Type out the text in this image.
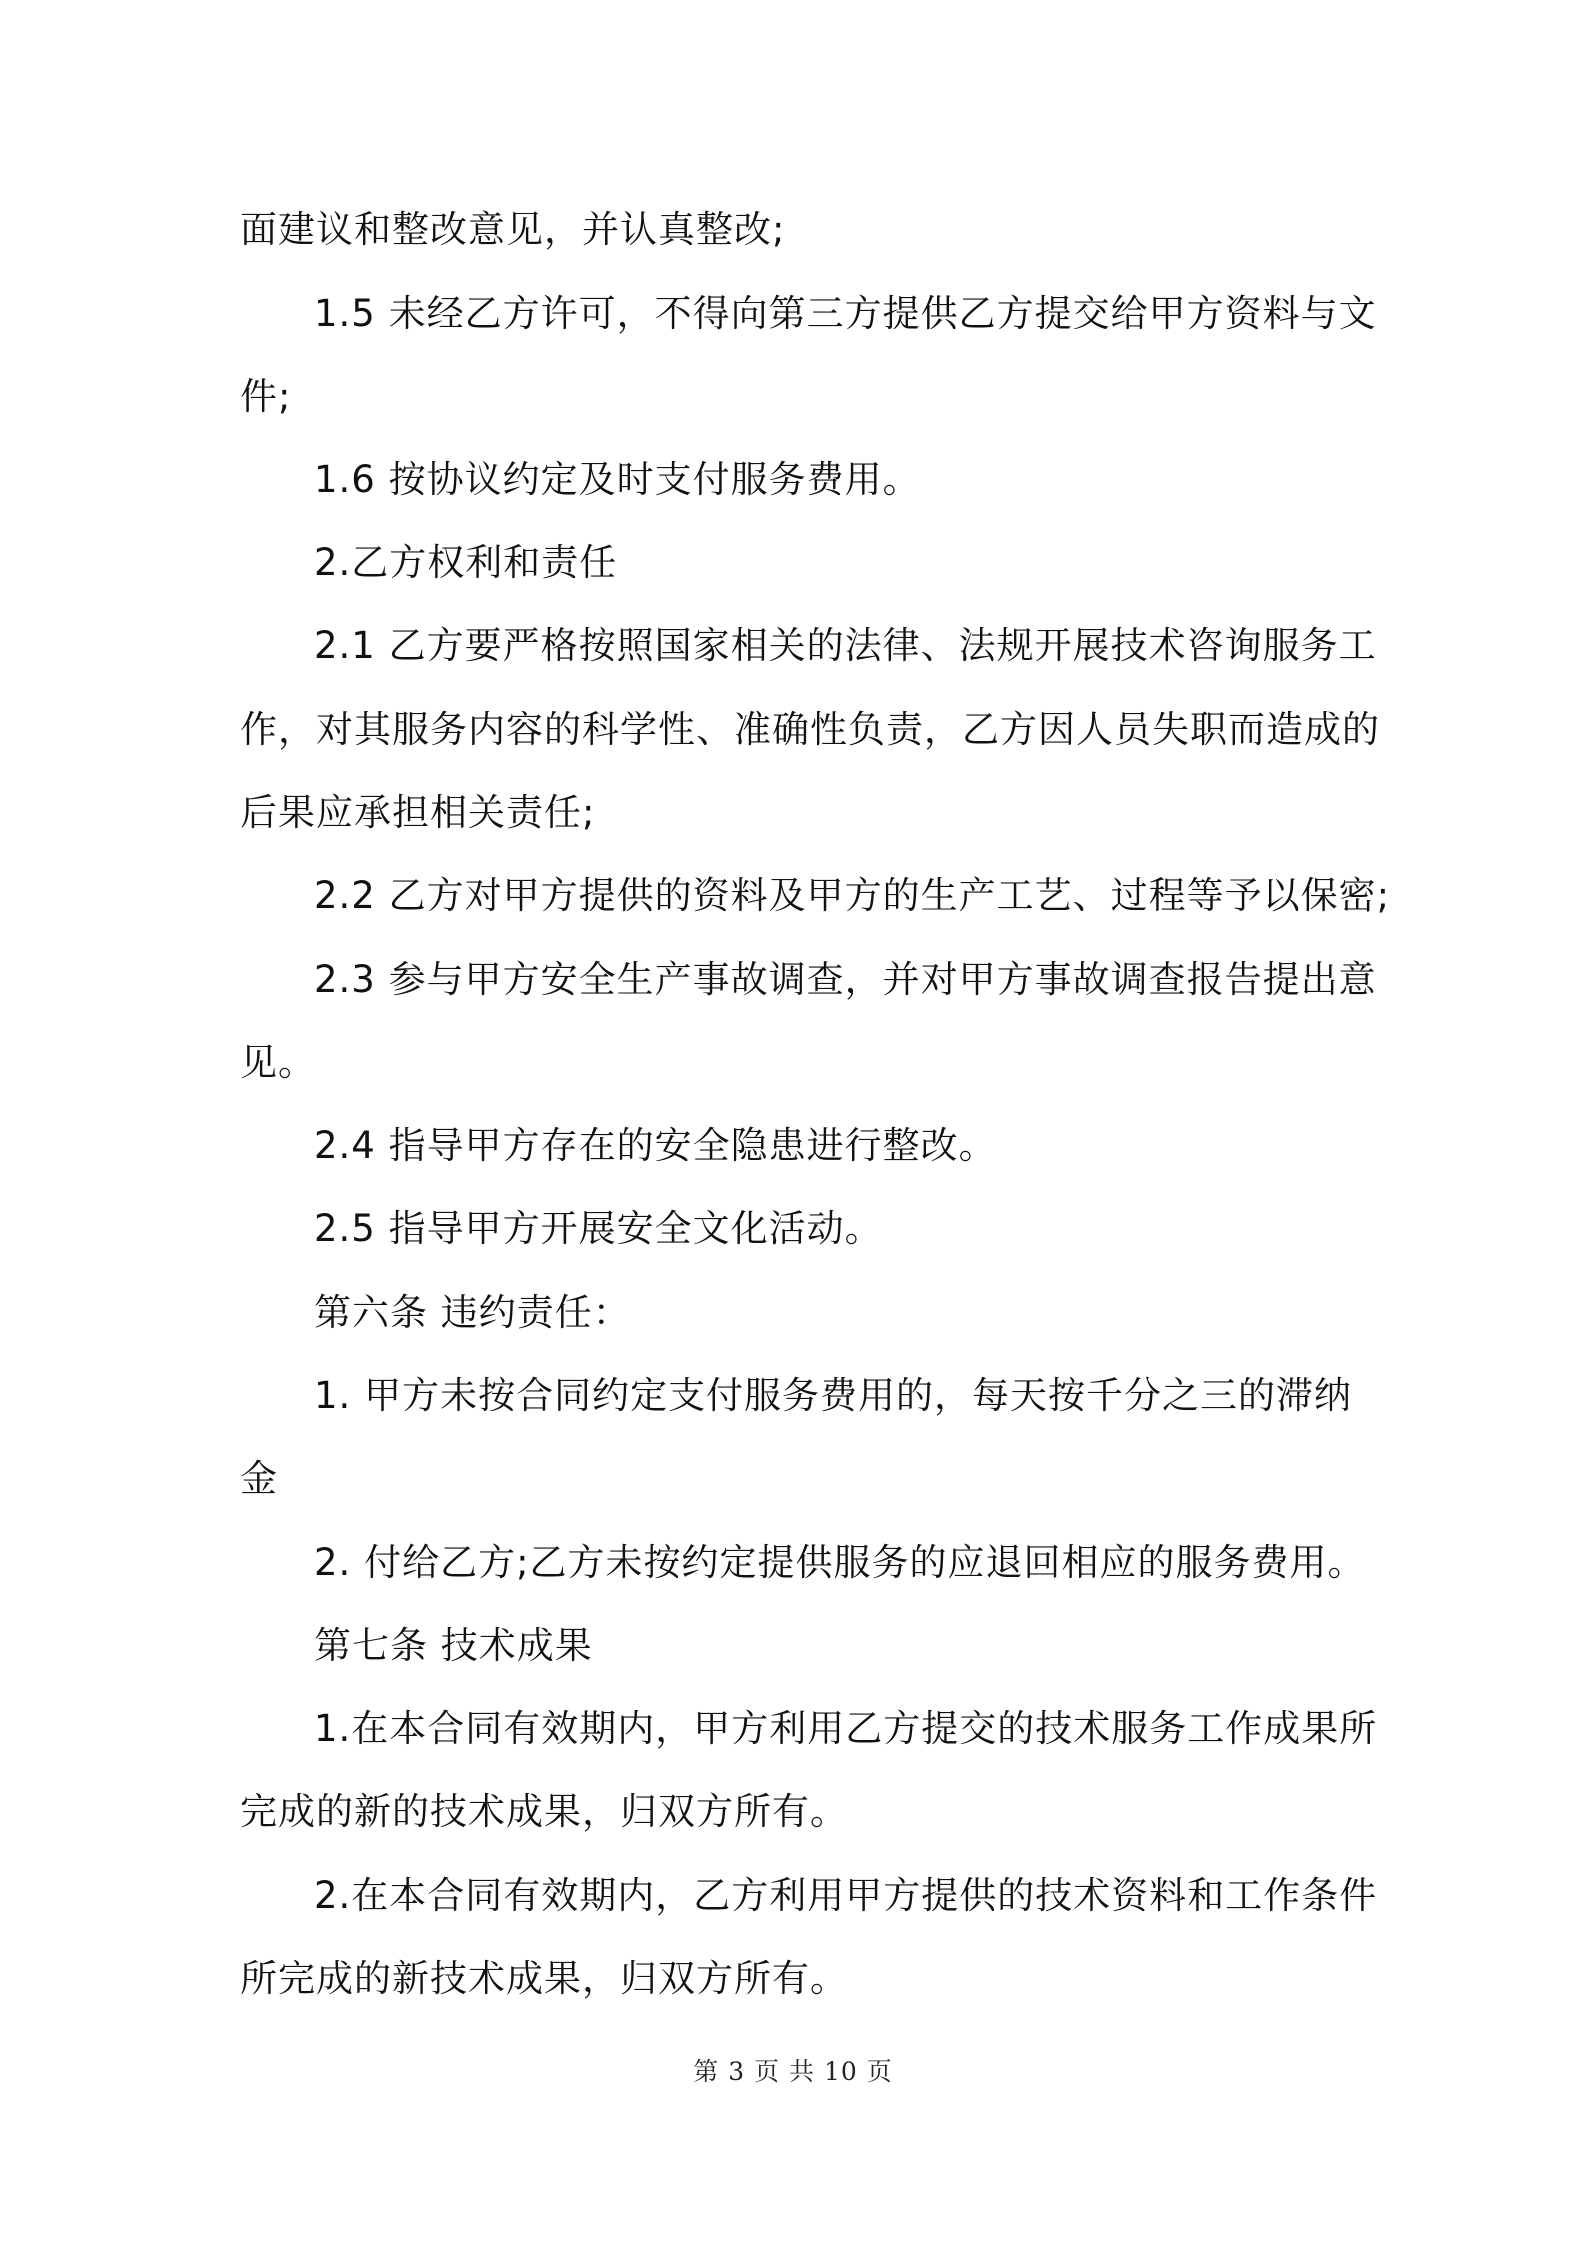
面建议和整改意见，并认真整改;
1.5 未经乙方许可，不得向第三方提供乙方提交给甲方资料与文
件;
1.6 按协议约定及时支付服务费用。
2.乙方权利和责任
2.1 乙方要严格按照国家相关的法律、法规开展技术咨询服务工
作，对其服务内容的科学性、准确性负责，乙方因人员失职而造成的
后果应承担相关责任;
2.2 乙方对甲方提供的资料及甲方的生产工艺、过程等予以保密;
2.3 参与甲方安全生产事故调查，并对甲方事故调查报告提出意
见。
2.4 指导甲方存在的安全隐患进行整改。
2.5 指导甲方开展安全文化活动。
第六条 违约责任：
1. 甲方未按合同约定支付服务费用的，每天按千分之三的滞纳
金
2. 付给乙方;乙方未按约定提供服务的应退回相应的服务费用。
第七条 技术成果
1.在本合同有效期内，甲方利用乙方提交的技术服务工作成果所
完成的新的技术成果，归双方所有。
2.在本合同有效期内，乙方利用甲方提供的技术资料和工作条件
所完成的新技术成果，归双方所有。
第 3 页 共 10 页
